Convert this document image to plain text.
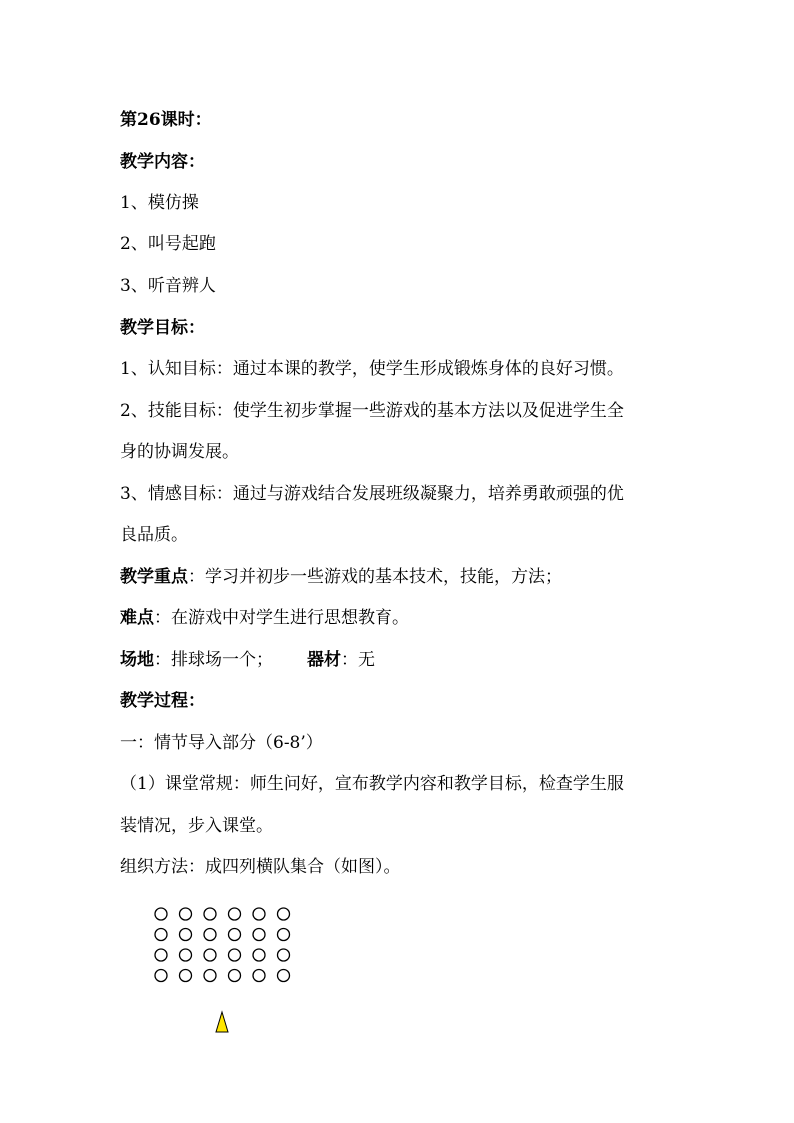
第26课时：
教学内容：
1、模仿操
2、叫号起跑
3、听音辨人
教学目标：
1、认知目标：通过本课的教学，使学生形成锻炼身体的良好习惯。
2、技能目标：使学生初步掌握一些游戏的基本方法以及促进学生全
身的协调发展。
3、情感目标：通过与游戏结合发展班级凝聚力，培养勇敢顽强的优
良品质。
教学重点：学习并初步一些游戏的基本技术，技能，方法；
难点：在游戏中对学生进行思想教育。
场地：排球场一个； 器材：无
教学过程：
一：情节导入部分（6-8’）
（1）课堂常规：师生问好，宣布教学内容和教学目标，检查学生服
装情况，步入课堂。
组织方法：成四列横队集合（如图）。
